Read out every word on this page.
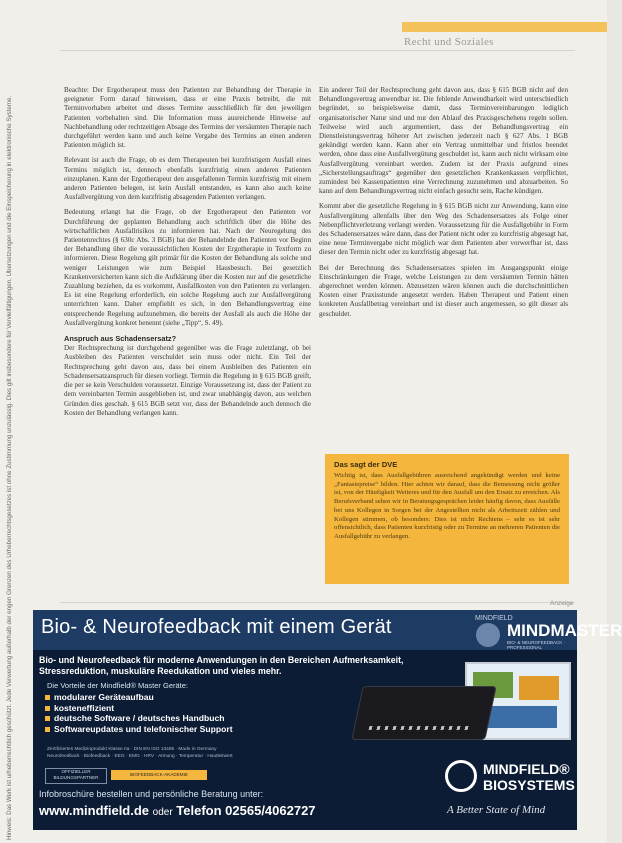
Recht und Soziales
Hinweis: Das Werk ist urheberrechtlich geschützt. Jede Verwertung außerhalb der engen Grenzen des Urheberrechtsgesetzes ist ohne Zustimmung unzulässig. Dies gilt insbesondere für Vervielfältigungen, Übersetzungen und die Einspeicherung in elektronische Systeme.

Beachte: Der Ergotherapeut muss den Patienten zur Behandlung der Therapie in geeigneter Form darauf hinweisen, dass er eine Praxis betreibt, die mit Terminvorhaben arbeitet und dieses Termine ausschließlich für den jeweiligen Patienten vorbehalten sind. Die Information muss ausreichende Hinweise auf Nachbehandlung oder rechtzeitigen Absage des Termins der versäumten Therapie nach durchgeführt werden kann und auch keine Vergabe des Termins an einen anderen Patienten möglich ist.

Relevant ist auch die Frage, ob es dem Therapeuten bei kurzfristigem Ausfall eines Termins möglich ist, dennoch ebenfalls kurzfristig einen anderen Patienten einzuplanen. Kann der Ergotherapeut den ausgefallenen Termin kurzfristig mit einem anderen Patienten belegen, ist kein Ausfall entstanden, es kann also auch keine Ausfallvergütung von dem kurzfristig absagenden Patienten verlangen.

Bedeutung erlangt hat die Frage, ob der Ergotherapeut den Patienten vor Durchführung der geplanten Behandlung auch schriftlich über die Höhe des wirtschaftlichen Ausfallrisikos zu informieren hat. Nach der Neuregelung des Patientenrechtes (§ 630c Abs. 3 BGB) hat der Behandelnde den Patienten vor Beginn der Behandlung über die voraussichtlichen Kosten der Ergotherapie in Textform zu informieren. Diese Regelung gilt primär für die Kosten der Behandlung als solche und weniger Leistungen wie zum Beispiel Hausbesuch. Bei gesetzlich Krankenversicherten kann sich die Aufklärung über die Kosten nur auf die gesetzliche Zuzahlung beziehen, da es vorkommt, Ausfallkosten von den Patienten zu verlangen. Es ist eine Regelung erforderlich, ein solche Regelung auch zur Ausfallvergütung unterrichten kann. Daher empfiehlt es sich, in den Behandlungsvertrag eine entsprechende Regelung aufzunehmen, die bereits der Ausfall als auch die Höhe der Ausfallvergütung konkret benennt (siehe „Tipp“, S. 49).

Anspruch aus Schadensersatz?

Der Rechtsprechung ist durchgehend gegenüber was die Frage zuletzlangt, ob bei Ausbleiben des Patienten verschuldet sein muss oder nicht. Ein Teil der Rechtsprechung geht davon aus, dass bei einem Ausbleiben des Patienten ein Schadensersatzanspruch für diesen vorliegt. Termin die Regelung in § 615 BGB greift, die per se kein Verschulden voraussetzt. Einzige Voraussetzung ist, dass der Patient zu dem vereinbarten Termin ausgeblieben ist, und zwar unabhängig davon, aus welchen Gründen dies geschah. § 615 BGB setzt vor, dass der Behandelnde auch dennoch die Kosten der Behandlung verlangen kann.

Ein anderer Teil der Rechtsprechung geht davon aus, dass § 615 BGB nicht auf den Behandlungsvertrag anwendbar ist. Die fehlende Anwendbarkeit wird unterschiedlich begründet, so beispielsweise damit, dass Terminvereinbarungen lediglich organisatorischer Natur sind und nur den Ablauf des Praxisgeschehens regeln sollen. Teilweise wird auch argumentiert, dass der Behandlungsvertrag ein Dienstleistungsvertrag höherer Art zwischen jederzeit nach § 627 Abs. 1 BGB gekündigt werden kann. Kann aber ein Vertrag unmittelbar und fristlos beendet werden, ohne dass eine Ausfallvergütung geschuldet ist, kann auch nicht wirksam eine Ausfallvergütung vereinbart werden. Zudem ist der Praxis aufgrund eines „Sicherstellungsauftrags“ gegenüber den gesetzlichen Krankenkassen verpflichtet, zumindest bei Kassenpatienten eine Verrechnung zuzunehmen und abzuarbeiten. So kann auf dem Behandlungsvertrag nicht einfach gesucht sein, Rache kündigen.

Kommt aber die gesetzliche Regelung in § 615 BGB nicht zur Anwendung, kann eine Ausfallvergütung allenfalls über den Weg des Schadensersatzes als Folge einer Nebenpflichtverletzung verlangt werden. Voraussetzung für die Ausfallgebühr in Form des Schadensersatzes wäre dann, dass der Patient nicht oder zu kurzfristig abgesagt hat, eine neue Terminvergabe nicht möglich war dem Patienten aber vorwerfbar ist, dass dieser den Termin nicht oder zu kurzfristig abgesagt hat.

Bei der Berechnung des Schadensersatzes spielen im Ausgangspunkt einige Einschränkungen die Frage, welche Leistungen zu dem versäumten Termin hätten abgerechnet werden können. Abzusetzen wären können auch die durchschnittlichen Kosten einer Praxisstunde angesetzt werden. Haben Therapeut und Patient einen konkreten Ausfallbetrag vereinbart und ist dieser auch angemessen, so gilt dieser als geschuldet.

Das sagt der DVE

Wichtig ist, dass Ausfallgebühren ausreichend angekündigt werden und keine „Fantasiepreise“ bilden. Hier achten wir darauf, dass die Bemessung nicht größer ist, von der Häufigkeit Weiteres und für den Ausfall um den Ersatz zu erreichen. Als Berufsverband sehen wir in Beratungsgesprächen leider häufig davon, dass Ausfälle bei uns Kollegen in Sorgen bei der Angestellten nicht als Arbeitszeit zählen und Kollegen stimmen, ob besonders: Dies ist nicht Rechtens – sehr es ist sehr offensichtlich, dass Patienten kurzfristig oder zu Termine an mehreren Patienten die Ausfallgebühr zu verlangen.

Anzeige
Bio- & Neurofeedback mit einem Gerät	MINDFIELD
MINDMASTER
BIO- & NEUROFEEDBACK · PROFESSIONAL
Bio- und Neurofeedback für moderne Anwendungen in den Bereichen Aufmerksamkeit, Stressreduktion, muskuläre Reedukation und vieles mehr.
Die Vorteile der Mindfield® Master Geräte:
modularer Geräteaufbau
kosteneffizient
deutsche Software / deutsches Handbuch
Softwareupdates und telefonischer Support
Zertifiziertes Medizinprodukt Klasse IIa · DIN EN ISO 13485 · Made in Germany
Neurofeedback · Biofeedback · EEG · EMG · HRV · Atmung · Temperatur · Hautleitwert
OFFIZIELLER BILDUNGSPARTNER
BIOFEEDBACK-AKADEMIE	MINDFIELD®
BIOSYSTEMS
Infobroschüre bestellen und persönliche Beratung unter:
www.mindfield.de oder Telefon 02565/4062727	A Better State of Mind
